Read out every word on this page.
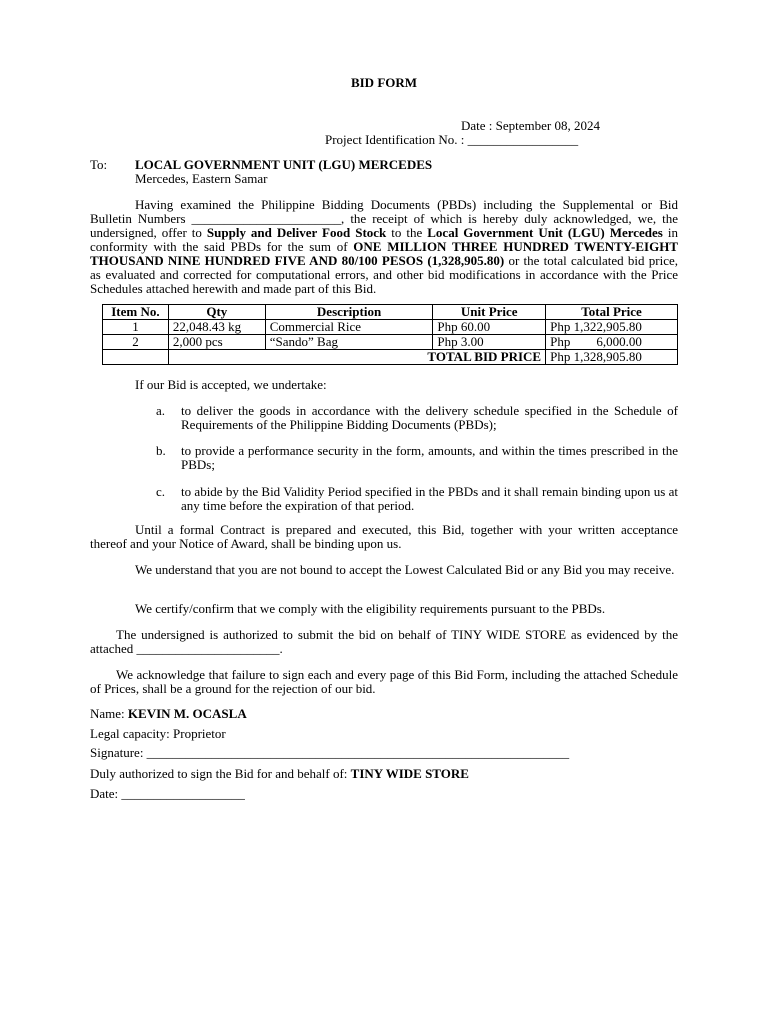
BID FORM
Date : September 08, 2024
Project Identification No. : _________________
To: LOCAL GOVERNMENT UNIT (LGU) MERCEDES
Mercedes, Eastern Samar
Having examined the Philippine Bidding Documents (PBDs) including the Supplemental or Bid Bulletin Numbers _______________________, the receipt of which is hereby duly acknowledged, we, the undersigned, offer to Supply and Deliver Food Stock to the Local Government Unit (LGU) Mercedes in conformity with the said PBDs for the sum of ONE MILLION THREE HUNDRED TWENTY-EIGHT THOUSAND NINE HUNDRED FIVE AND 80/100 PESOS (1,328,905.80) or the total calculated bid price, as evaluated and corrected for computational errors, and other bid modifications in accordance with the Price Schedules attached herewith and made part of this Bid.
Item No.	Qty	Description	Unit Price	Total Price
1	22,048.43 kg	Commercial Rice	Php 60.00	Php 1,322,905.80
2	2,000 pcs	“Sando” Bag	Php 3.00	Php        6,000.00
	TOTAL BID PRICE			Php 1,328,905.80
If our Bid is accepted, we undertake:
a. to deliver the goods in accordance with the delivery schedule specified in the Schedule of Requirements of the Philippine Bidding Documents (PBDs);
b. to provide a performance security in the form, amounts, and within the times prescribed in the PBDs;
c. to abide by the Bid Validity Period specified in the PBDs and it shall remain binding upon us at any time before the expiration of that period.
Until a formal Contract is prepared and executed, this Bid, together with your written acceptance thereof and your Notice of Award, shall be binding upon us.
We understand that you are not bound to accept the Lowest Calculated Bid or any Bid you may receive.
We certify/confirm that we comply with the eligibility requirements pursuant to the PBDs.
The undersigned is authorized to submit the bid on behalf of TINY WIDE STORE as evidenced by the attached ______________________.
We acknowledge that failure to sign each and every page of this Bid Form, including the attached Schedule of Prices, shall be a ground for the rejection of our bid.
Name: KEVIN M. OCASLA
Legal capacity: Proprietor
Signature: _________________________________________________________________
Duly authorized to sign the Bid for and behalf of: TINY WIDE STORE
Date: ___________________
